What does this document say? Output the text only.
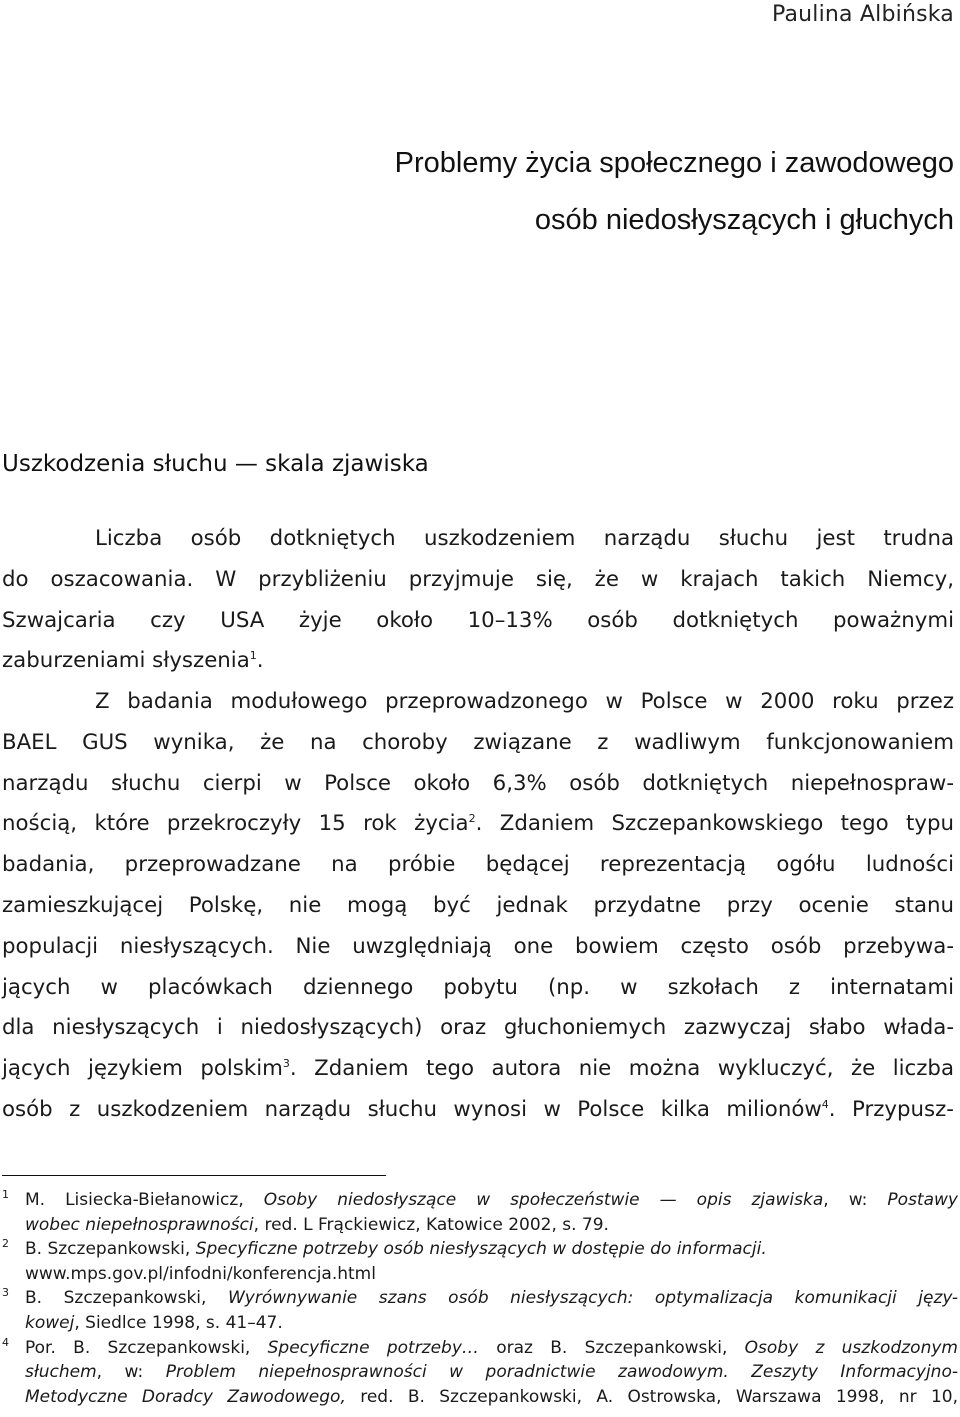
Paulina Albińska
Problemy życia społecznego i zawodowego
osób niedosłyszących i głuchych
Uszkodzenia słuchu — skala zjawiska
Liczba osób dotkniętych uszkodzeniem narządu słuchu jest trudna
do oszacowania. W przybliżeniu przyjmuje się, że w krajach takich Niemcy,
Szwajcaria czy USA żyje około 10–13% osób dotkniętych poważnymi
zaburzeniami słyszenia$^1$.
Z badania modułowego przeprowadzonego w Polsce w 2000 roku przez
BAEL GUS wynika, że na choroby związane z wadliwym funkcjonowaniem
narządu słuchu cierpi w Polsce około 6,3% osób dotkniętych niepełnospraw-
nością, które przekroczyły 15 rok życia$^2$. Zdaniem Szczepankowskiego tego typu
badania, przeprowadzane na próbie będącej reprezentacją ogółu ludności
zamieszkującej Polskę, nie mogą być jednak przydatne przy ocenie stanu
populacji niesłyszących. Nie uwzględniają one bowiem często osób przebywa-
jących w placówkach dziennego pobytu (np. w szkołach z internatami
dla niesłyszących i niedosłyszących) oraz głuchoniemych zazwyczaj słabo włada-
jących językiem polskim$^3$. Zdaniem tego autora nie można wykluczyć, że liczba
osób z uszkodzeniem narządu słuchu wynosi w Polsce kilka milionów$^4$. Przypusz-
1 M. Lisiecka-Biełanowicz, Osoby niedosłyszące w społeczeństwie — opis zjawiska, w: Postawy
wobec niepełnosprawności, red. L Frąckiewicz, Katowice 2002, s. 79.
2 B. Szczepankowski, Specyficzne potrzeby osób niesłyszących w dostępie do informacji.
www.mps.gov.pl/infodni/konferencja.html
3 B. Szczepankowski, Wyrównywanie szans osób niesłyszących: optymalizacja komunikacji języ-
kowej, Siedlce 1998, s. 41–47.
4 Por. B. Szczepankowski, Specyficzne potrzeby… oraz B. Szczepankowski, Osoby z uszkodzonym
słuchem, w: Problem niepełnosprawności w poradnictwie zawodowym. Zeszyty Informacyjno-
Metodyczne Doradcy Zawodowego, red. B. Szczepankowski, A. Ostrowska, Warszawa 1998, nr 10,
